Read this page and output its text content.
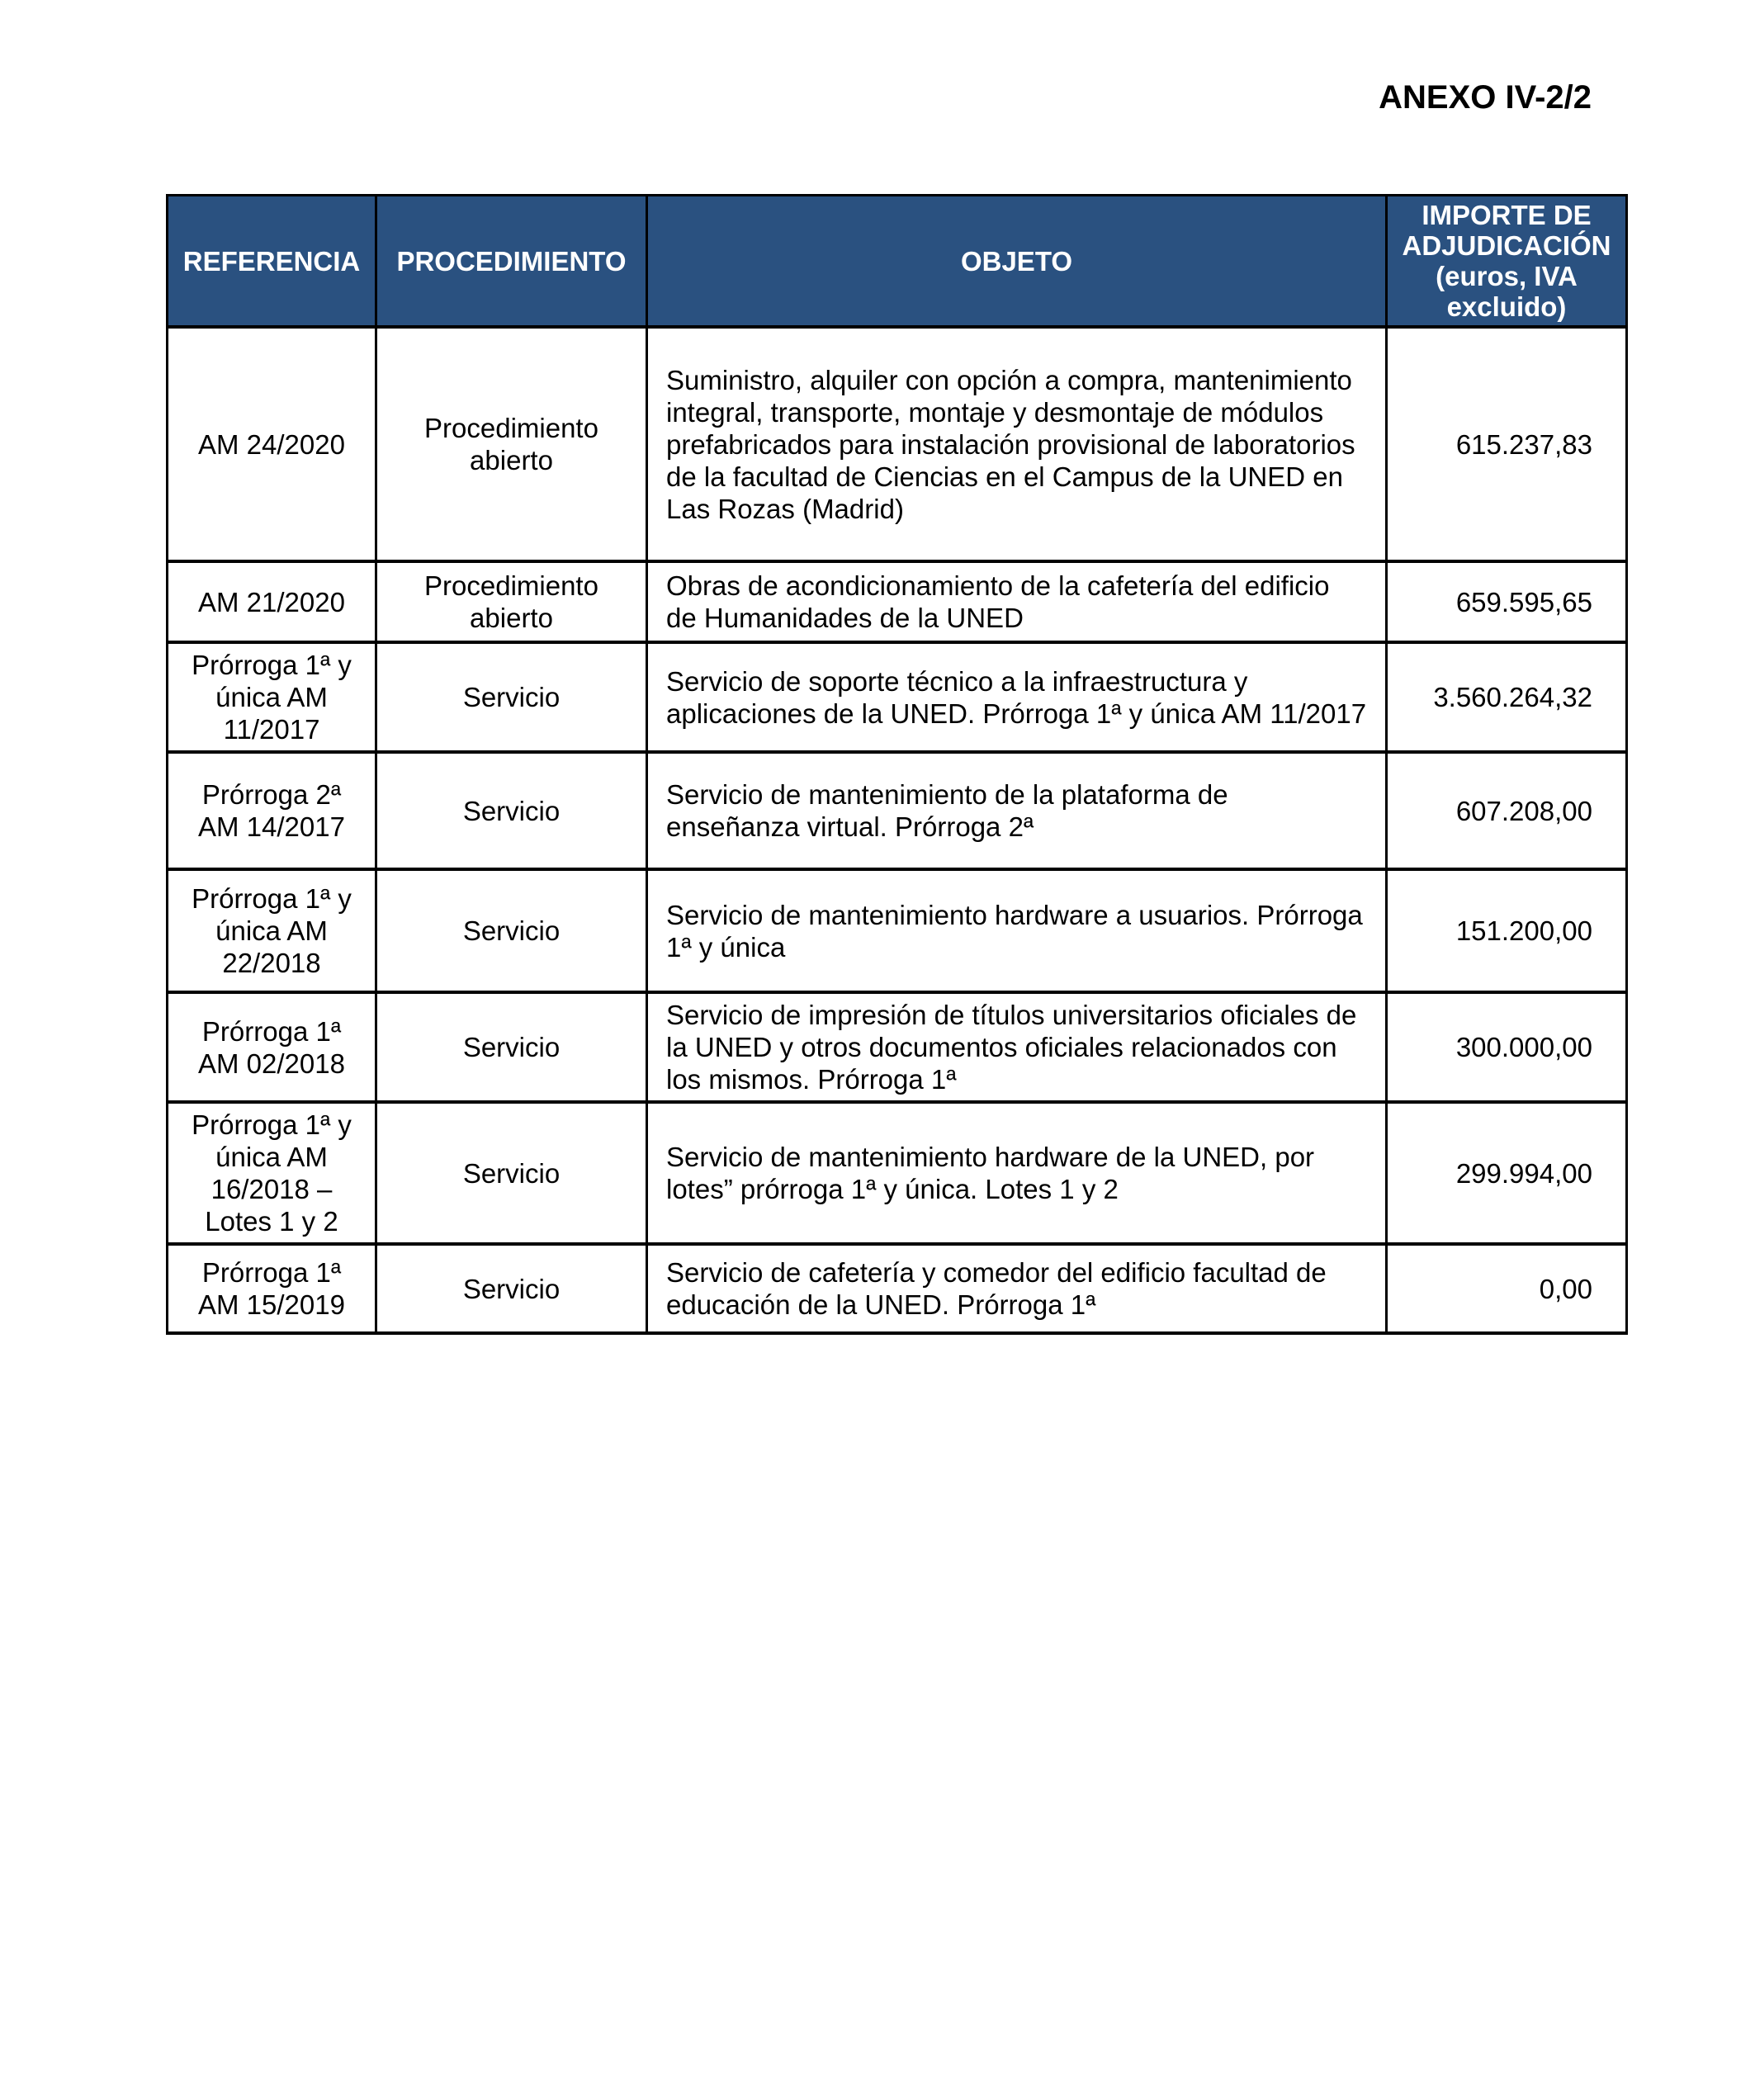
ANEXO IV-2/2
REFERENCIA	PROCEDIMIENTO	OBJETO	IMPORTE DE ADJUDICACIÓN (euros, IVA excluido)
AM 24/2020	Procedimiento abierto	Suministro, alquiler con opción a compra, mantenimiento integral, transporte, montaje y desmontaje de módulos prefabricados para instalación provisional de laboratorios de la facultad de Ciencias en el Campus de la UNED en Las Rozas (Madrid)	615.237,83
AM 21/2020	Procedimiento abierto	Obras de acondicionamiento de la cafetería del edificio de Humanidades de la UNED	659.595,65
Prórroga 1ª y única AM 11/2017	Servicio	Servicio de soporte técnico a la infraestructura y aplicaciones de la UNED. Prórroga 1ª y única AM 11/2017	3.560.264,32
Prórroga 2ª AM 14/2017	Servicio	Servicio de mantenimiento de la plataforma de enseñanza virtual. Prórroga 2ª	607.208,00
Prórroga 1ª y única AM 22/2018	Servicio	Servicio de mantenimiento hardware a usuarios. Prórroga 1ª y única	151.200,00
Prórroga 1ª AM 02/2018	Servicio	Servicio de impresión de títulos universitarios oficiales de la UNED y otros documentos oficiales relacionados con los mismos. Prórroga 1ª	300.000,00
Prórroga 1ª y única AM 16/2018 – Lotes 1 y 2	Servicio	Servicio de mantenimiento hardware de la UNED, por lotes” prórroga 1ª y única. Lotes 1 y 2	299.994,00
Prórroga 1ª AM 15/2019	Servicio	Servicio de cafetería y comedor del edificio facultad de educación de la UNED. Prórroga 1ª	0,00
